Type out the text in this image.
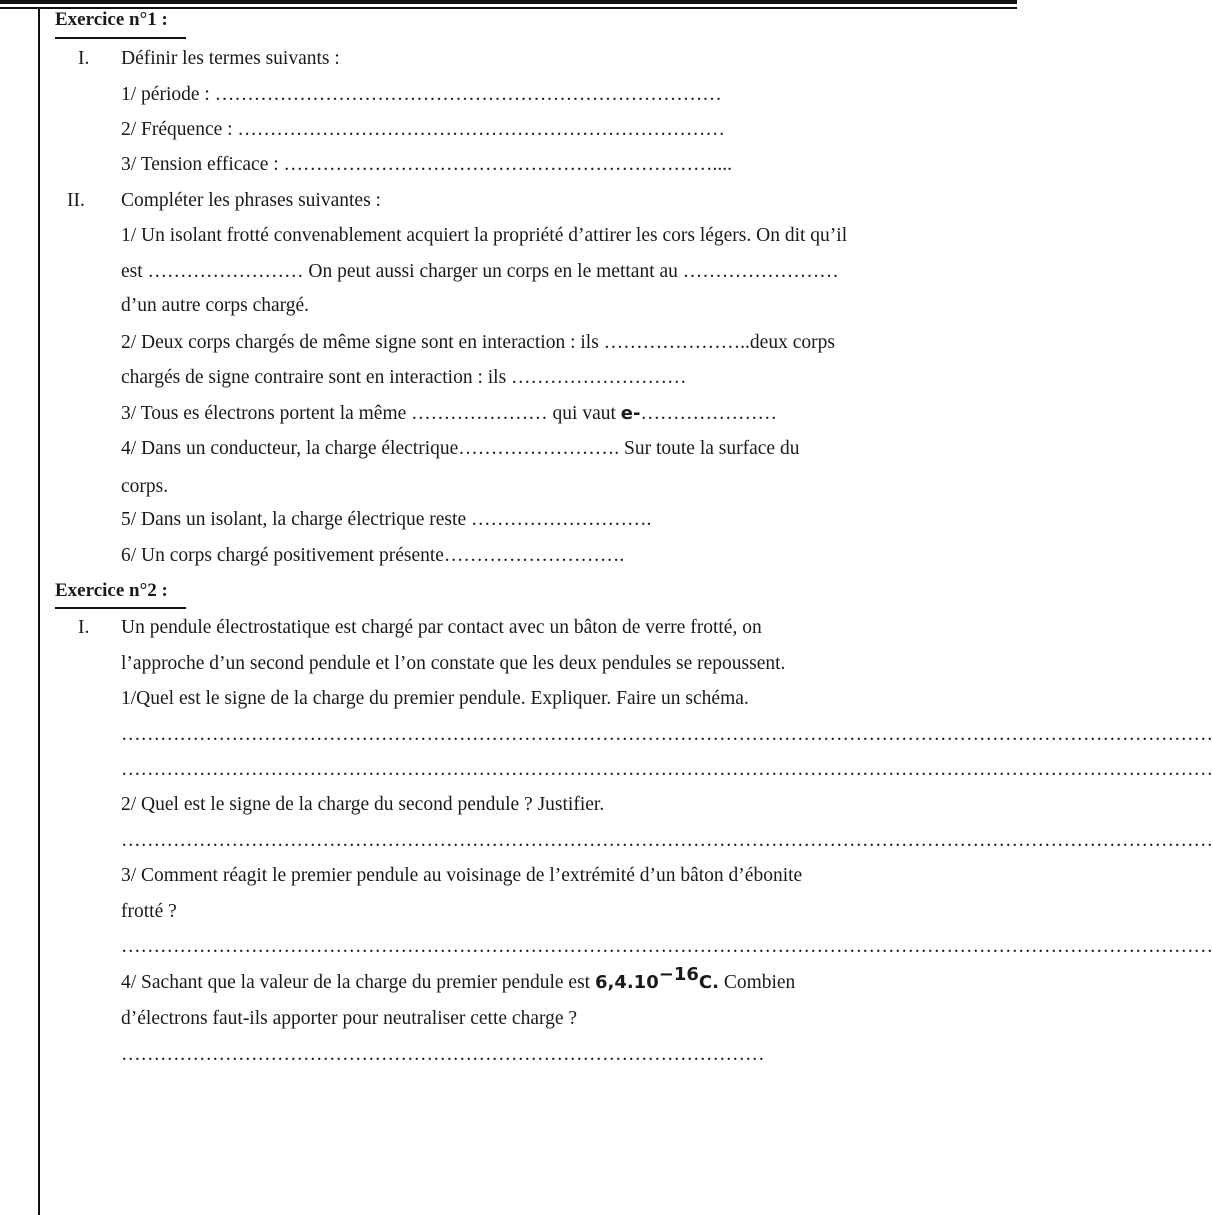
Exercice n°1 :
I. Définir les termes suivants :
1/ période : ……………………………………………………………………
2/ Fréquence : …………………………………………………………………
3/ Tension efficace : …………………………………………………………....
II. Compléter les phrases suivantes :
1/ Un isolant frotté convenablement acquiert la propriété d’attirer les cors légers. On dit qu’il
est …………………… On peut aussi charger un corps en le mettant au ……………………
d’un autre corps chargé.
2/ Deux corps chargés de même signe sont en interaction : ils …………………..deux corps
chargés de signe contraire sont en interaction : ils ………………………
3/ Tous es électrons portent la même ………………… qui vaut e-…………………
4/ Dans un conducteur, la charge électrique……………………. Sur toute la surface du
corps.
5/ Dans un isolant, la charge électrique reste ……………………….
6/ Un corps chargé positivement présente……………………….
Exercice n°2 :
I. Un pendule électrostatique est chargé par contact avec un bâton de verre frotté, on
l’approche d’un second pendule et l’on constate que les deux pendules se repoussent.
1/Quel est le signe de la charge du premier pendule. Expliquer. Faire un schéma.
……………………………………………………………………………………………………………………………………………………
……………………………………………………………………………………………………………………………………………………
2/ Quel est le signe de la charge du second pendule ? Justifier.
……………………………………………………………………………………………………………………………………………………
3/ Comment réagit le premier pendule au voisinage de l’extrémité d’un bâton d’ébonite
frotté ?
……………………………………………………………………………………………………………………………………………………
4/ Sachant que la valeur de la charge du premier pendule est $6,4.10^{-16}C$. Combien
d’électrons faut-ils apporter pour neutraliser cette charge ?
………………………………………………………………………………………
